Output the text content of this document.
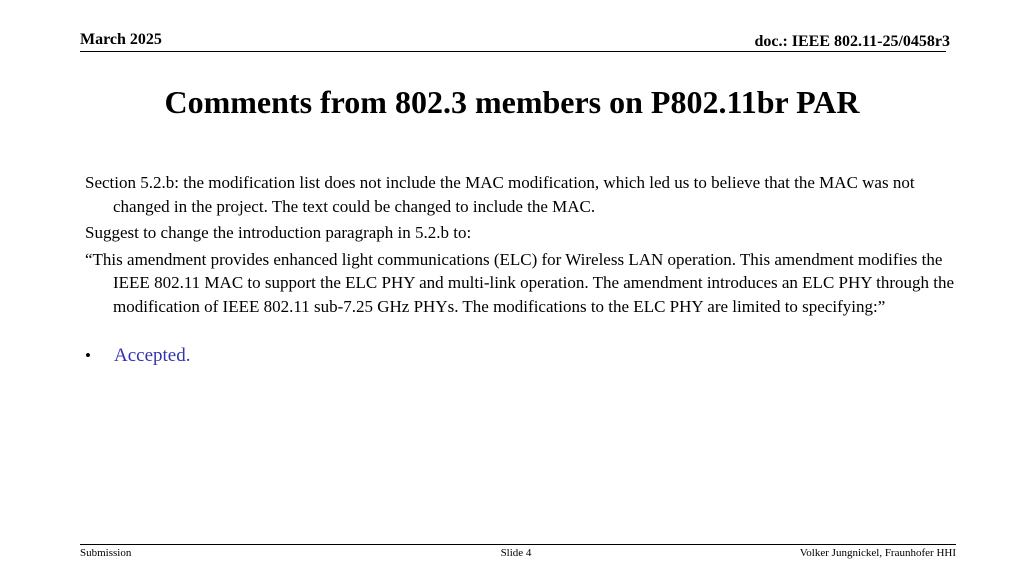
March 2025	doc.: IEEE 802.11-25/0458r3
Comments from 802.3 members on P802.11br PAR

Section 5.2.b: the modification list does not include the MAC modification, which led us to believe that the MAC was not changed in the project. The text could be changed to include the MAC.

Suggest to change the introduction paragraph in 5.2.b to:

“This amendment provides enhanced light communications (ELC) for Wireless LAN operation. This amendment modifies the IEEE 802.11 MAC to support the ELC PHY and multi-link operation. The amendment introduces an ELC PHY through the modification of IEEE 802.11 sub-7.25 GHz PHYs. The modifications to the ELC PHY are limited to specifying:”

•	Accepted.
Submission	Slide 4	Volker Jungnickel, Fraunhofer HHI
